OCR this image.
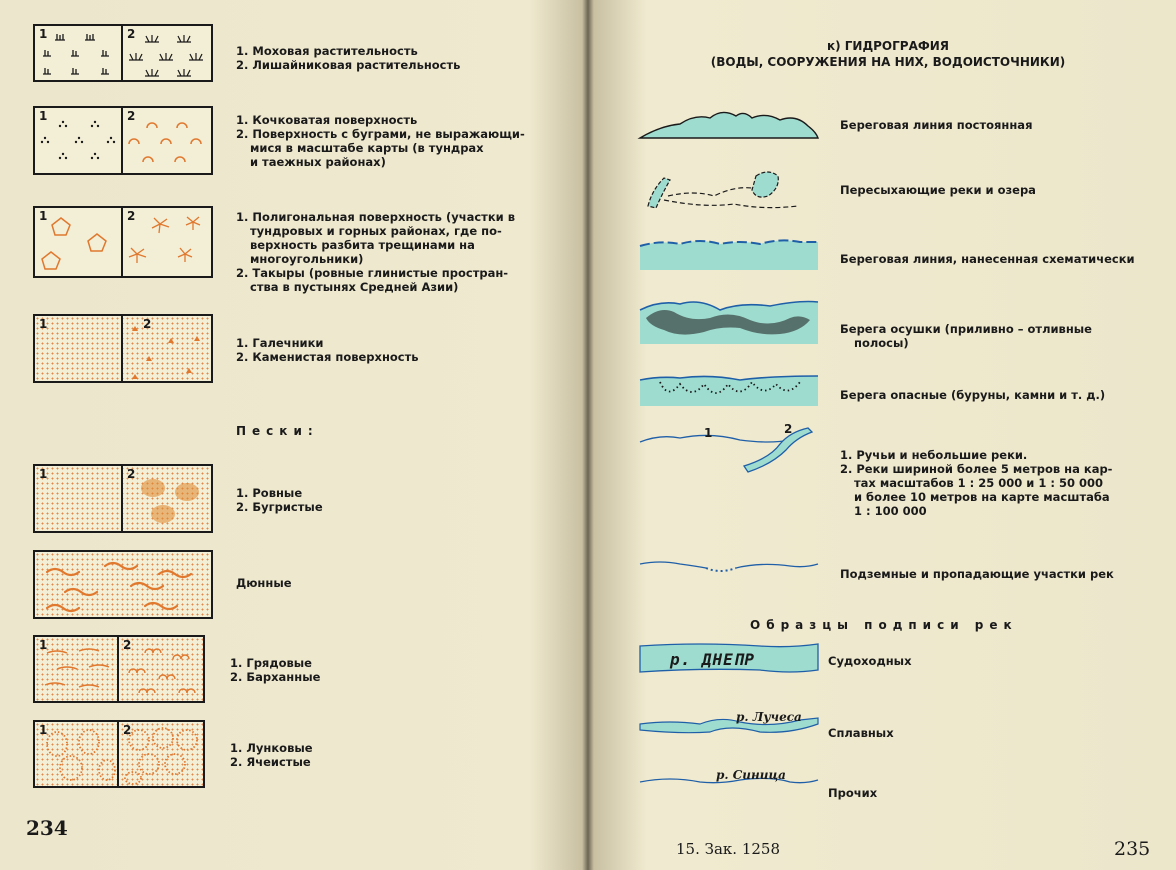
1	2
1. Моховая растительность
2. Лишайниковая растительность
1	2	1. Кочковатая поверхность
2. Поверхность с буграми, не выражающи-
мися в масштабе карты (в тундрах
и таежных районах)
1	2	1. Полигональная поверхность (участки в
тундровых и горных районах, где по-
верхность разбита трещинами на
многоугольники)
2. Такыры (ровные глинистые простран-
ства в пустынях Средней Азии)
1	2
1. Галечники
2. Каменистая поверхность
Пески:
1	2
1. Ровные
2. Бугристые
Дюнные
1	2
1. Грядовые
2. Барханные
1	2
1. Лунковые
2. Ячеистые
234
к) ГИДРОГРАФИЯ
(ВОДЫ, СООРУЖЕНИЯ НА НИХ, ВОДОИСТОЧНИКИ)
Береговая линия постоянная
Пересыхающие реки и озера
Береговая линия, нанесенная схематически
Берега осушки (приливно – отливные
полосы)
Берега опасные (буруны, камни и т. д.)
1	2
1. Ручьи и небольшие реки.
2. Реки шириной более 5 метров на кар-
тах масштабов 1 : 25 000 и 1 : 50 000
и более 10 метров на карте масштаба
1 : 100 000
Подземные и пропадающие участки рек
Образцы подписи рек
р. ДНЕПР	Судоходных
р. Лучеса
Сплавных
р. Синица
Прочих
15. Зак. 1258	235
